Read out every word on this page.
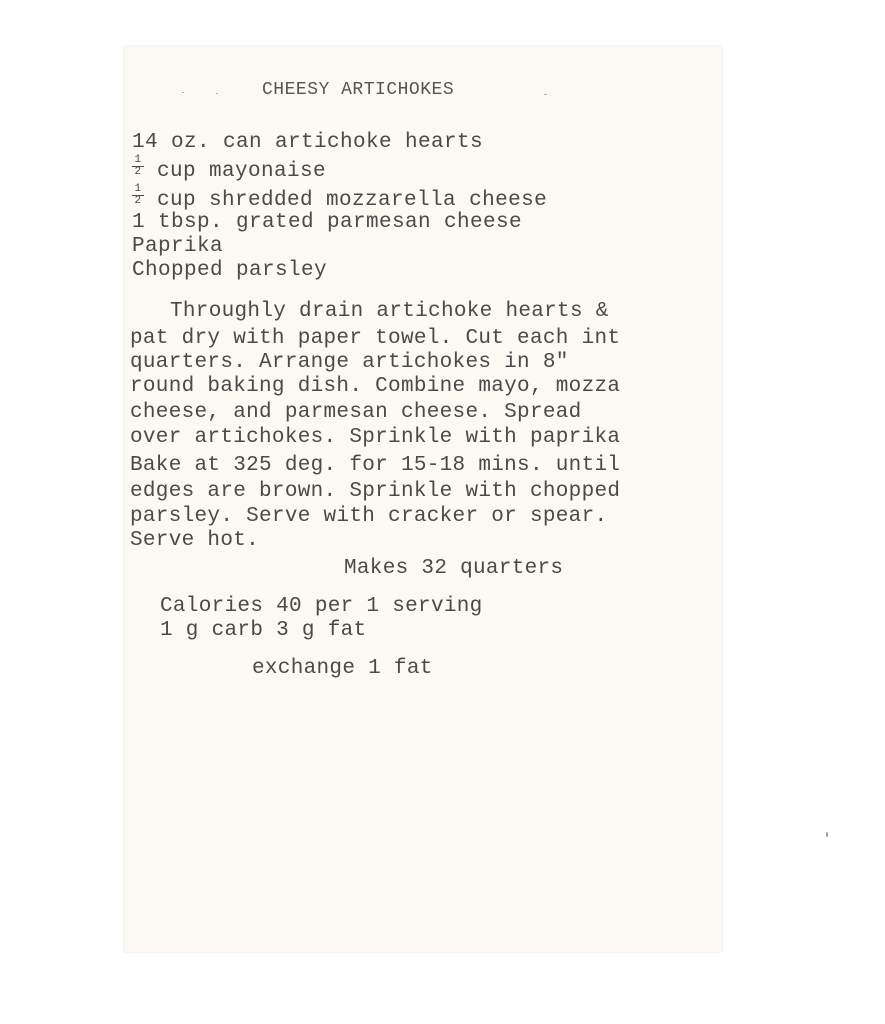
CHEESY ARTICHOKES
14 oz. can artichoke hearts
$\frac{1}{2}$ cup mayonaise
$\frac{1}{2}$ cup shredded mozzarella cheese
1 tbsp. grated parmesan cheese
Paprika
Chopped parsley
Throughly drain artichoke hearts &
pat dry with paper towel. Cut each int
quarters. Arrange artichokes in 8"
round baking dish. Combine mayo, mozza
cheese, and parmesan cheese. Spread
over artichokes. Sprinkle with paprika
Bake at 325 deg. for 15-18 mins. until
edges are brown. Sprinkle with chopped
parsley. Serve with cracker or spear.
Serve hot.
Makes 32 quarters
Calories 40 per 1 serving
1 g carb 3 g fat
exchange 1 fat
